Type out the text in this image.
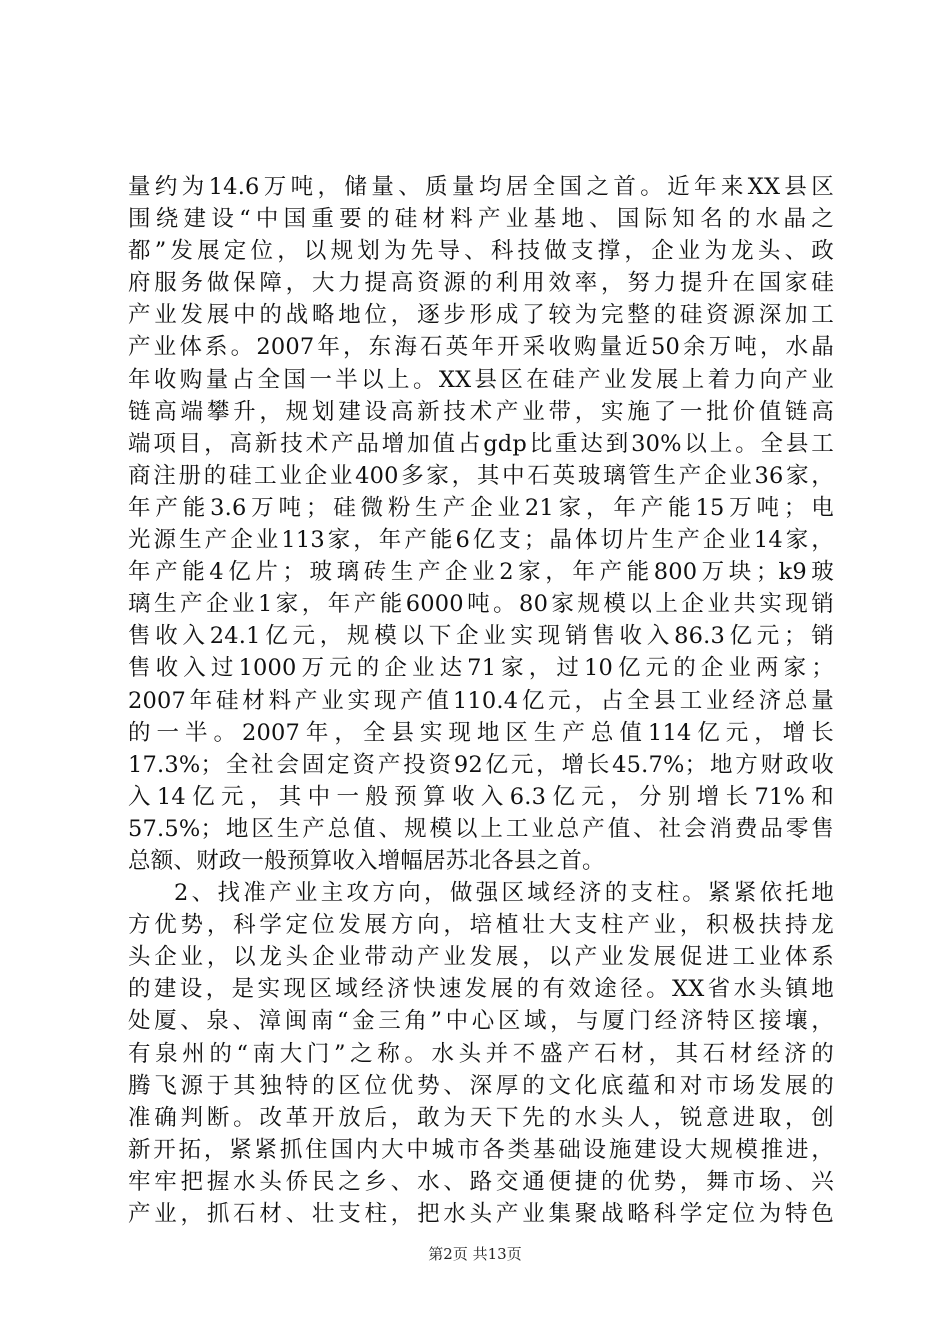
量约为14.6万吨，储量、质量均居全国之首。近年来XX县区
围绕建设“中国重要的硅材料产业基地、国际知名的水晶之
都”发展定位，以规划为先导、科技做支撑，企业为龙头、政
府服务做保障，大力提高资源的利用效率，努力提升在国家硅
产业发展中的战略地位，逐步形成了较为完整的硅资源深加工
产业体系。2007年，东海石英年开采收购量近50余万吨，水晶
年收购量占全国一半以上。XX县区在硅产业发展上着力向产业
链高端攀升，规划建设高新技术产业带，实施了一批价值链高
端项目，高新技术产品增加值占gdp比重达到30%以上。全县工
商注册的硅工业企业400多家，其中石英玻璃管生产企业36家，
年产能3.6万吨；硅微粉生产企业21家，年产能15万吨；电
光源生产企业113家，年产能6亿支；晶体切片生产企业14家，
年产能4亿片；玻璃砖生产企业2家，年产能800万块；k9玻
璃生产企业1家，年产能6000吨。80家规模以上企业共实现销
售收入24.1亿元，规模以下企业实现销售收入86.3亿元；销
售收入过1000万元的企业达71家，过10亿元的企业两家；
2007年硅材料产业实现产值110.4亿元，占全县工业经济总量
的一半。2007年，全县实现地区生产总值114亿元，增长
17.3%；全社会固定资产投资92亿元，增长45.7%；地方财政收
入14亿元，其中一般预算收入6.3亿元，分别增长71%和
57.5%；地区生产总值、规模以上工业总产值、社会消费品零售
总额、财政一般预算收入增幅居苏北各县之首。
2、找准产业主攻方向，做强区域经济的支柱。紧紧依托地
方优势，科学定位发展方向，培植壮大支柱产业，积极扶持龙
头企业，以龙头企业带动产业发展，以产业发展促进工业体系
的建设，是实现区域经济快速发展的有效途径。XX省水头镇地
处厦、泉、漳闽南“金三角”中心区域，与厦门经济特区接壤，
有泉州的“南大门”之称。水头并不盛产石材，其石材经济的
腾飞源于其独特的区位优势、深厚的文化底蕴和对市场发展的
准确判断。改革开放后，敢为天下先的水头人，锐意进取，创
新开拓，紧紧抓住国内大中城市各类基础设施建设大规模推进，
牢牢把握水头侨民之乡、水、路交通便捷的优势，舞市场、兴
产业，抓石材、壮支柱，把水头产业集聚战略科学定位为特色
第2页 共13页
